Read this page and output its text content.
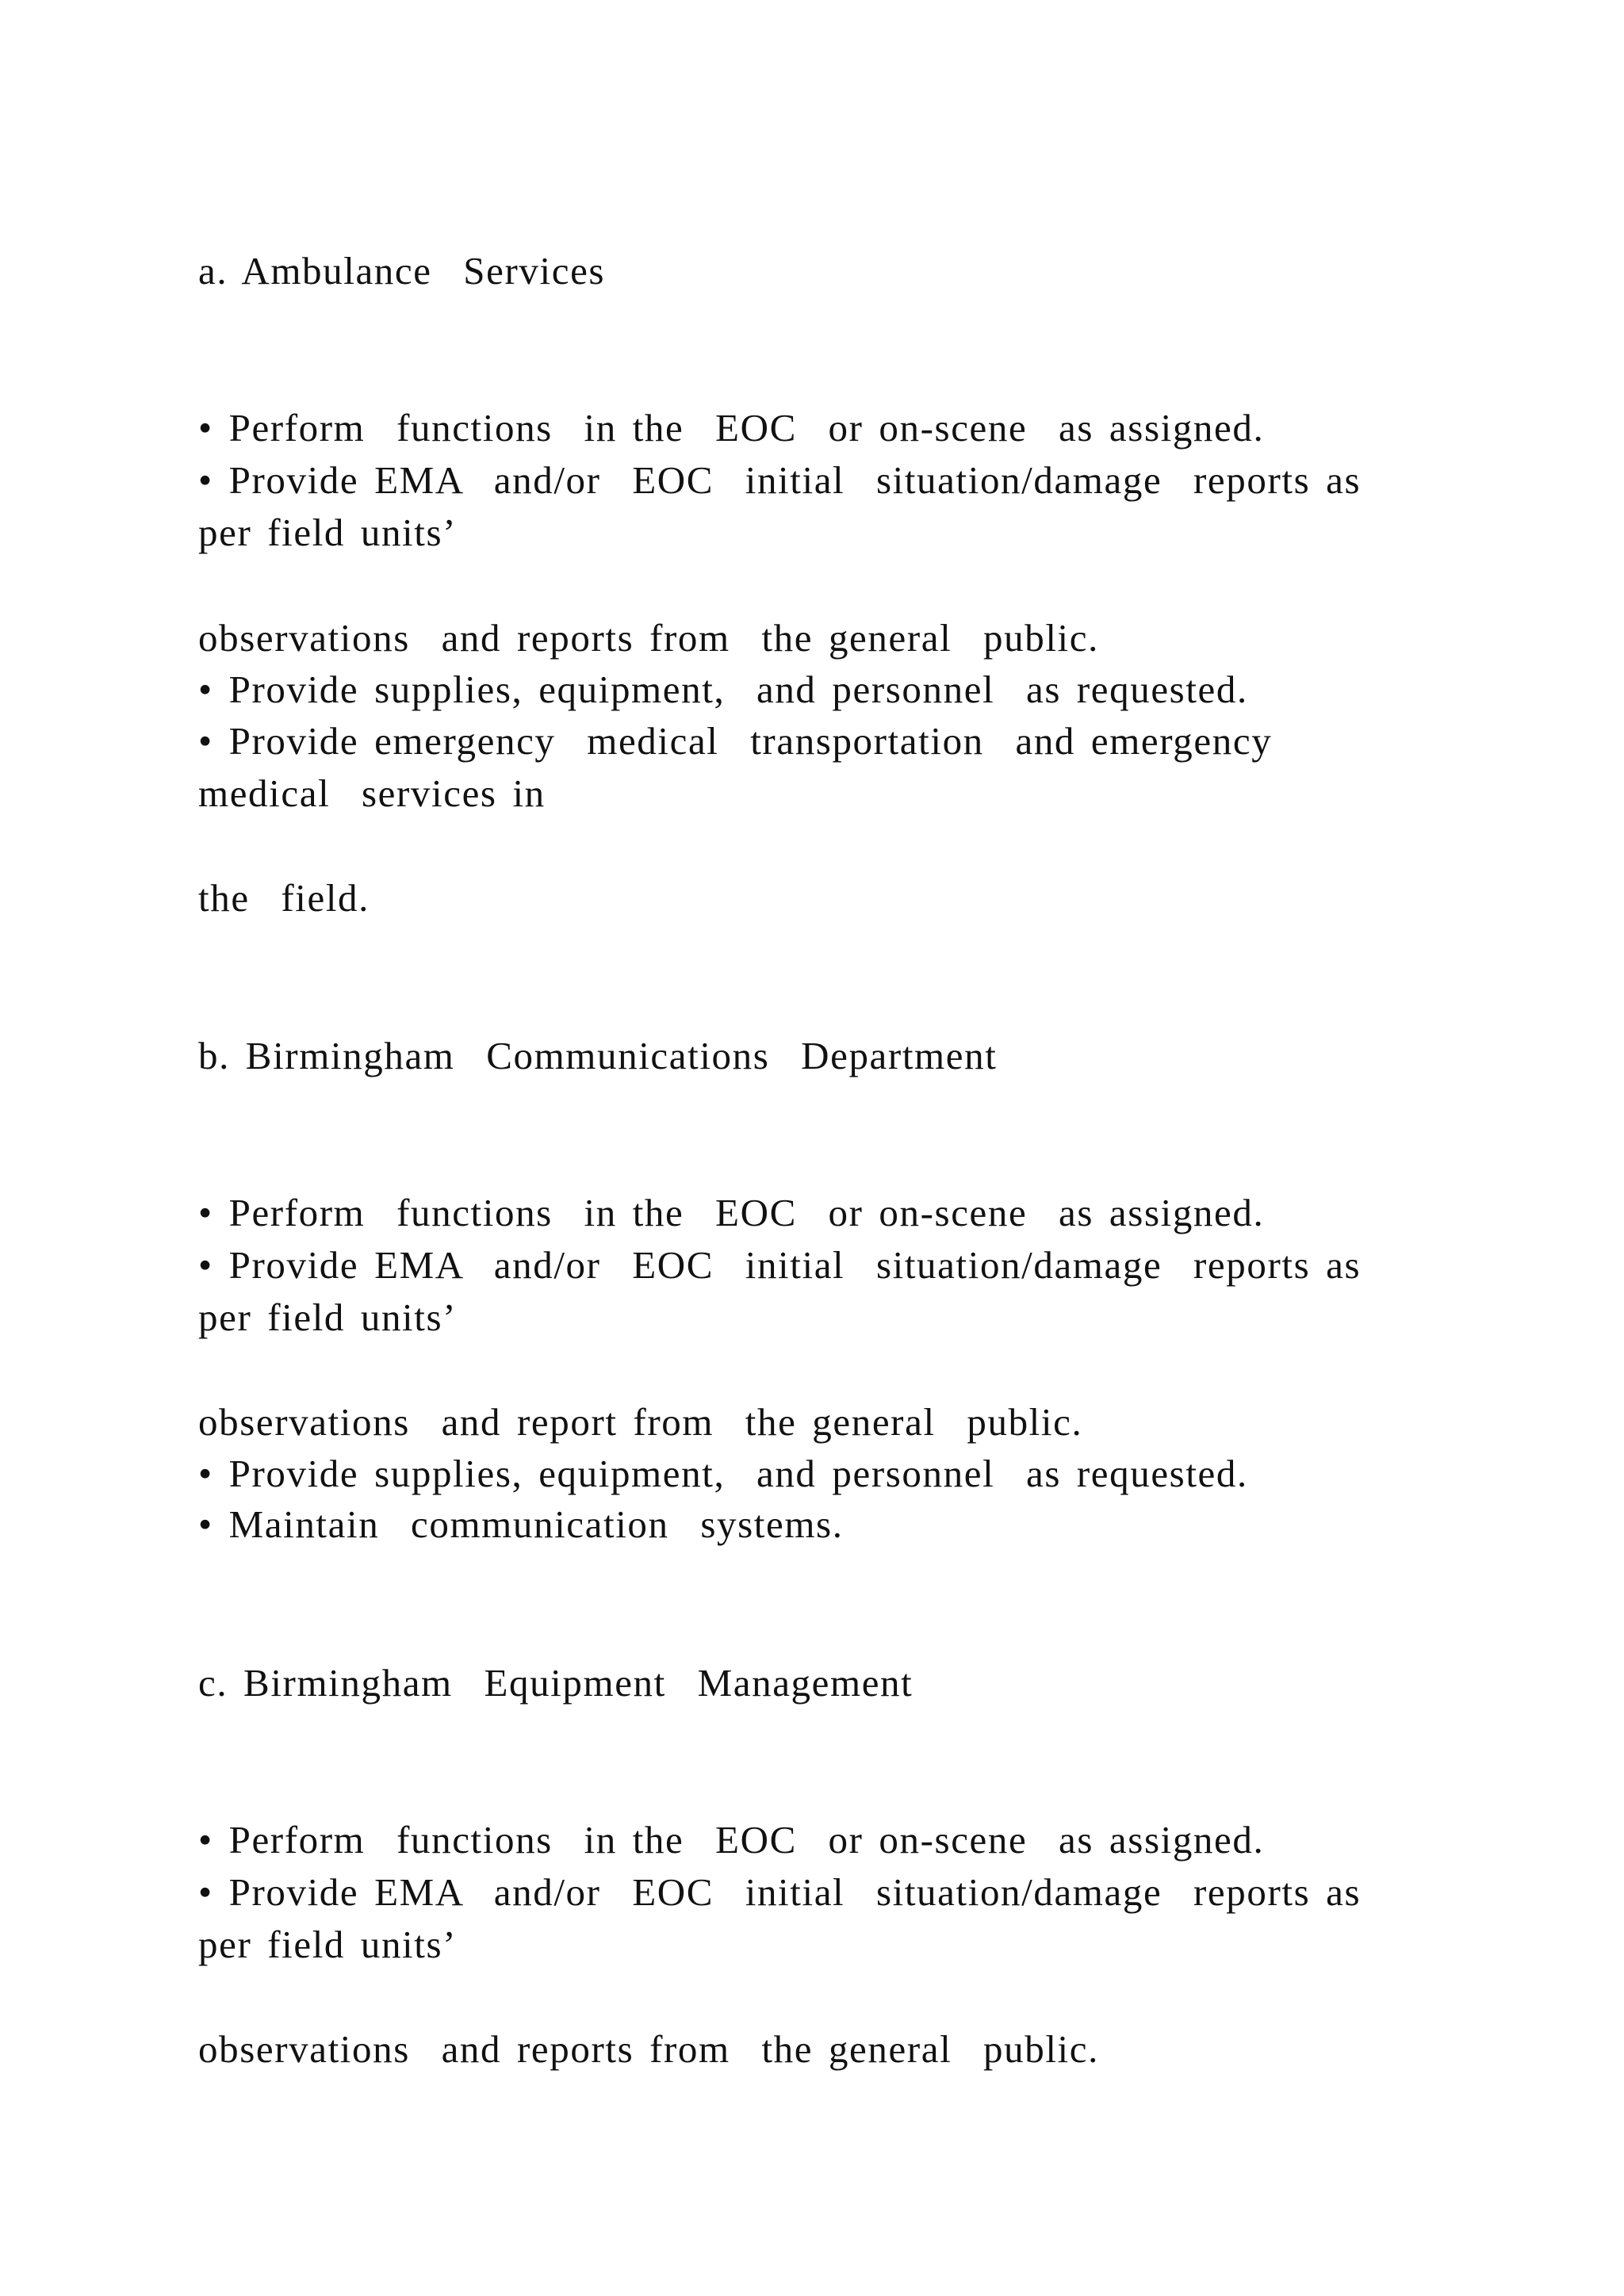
a. Ambulance  Services

• Perform  functions  in the  EOC  or on-scene  as assigned.

• Provide EMA  and/or  EOC  initial  situation/damage  reports as

per field units’

observations  and reports from  the general  public.

• Provide supplies, equipment,  and personnel  as requested.

• Provide emergency  medical  transportation  and emergency

medical  services in

the  field.

b. Birmingham  Communications  Department

• Perform  functions  in the  EOC  or on-scene  as assigned.

• Provide EMA  and/or  EOC  initial  situation/damage  reports as

per field units’

observations  and report from  the general  public.

• Provide supplies, equipment,  and personnel  as requested.

• Maintain  communication  systems.

c. Birmingham  Equipment  Management

• Perform  functions  in the  EOC  or on-scene  as assigned.

• Provide EMA  and/or  EOC  initial  situation/damage  reports as

per field units’

observations  and reports from  the general  public.
